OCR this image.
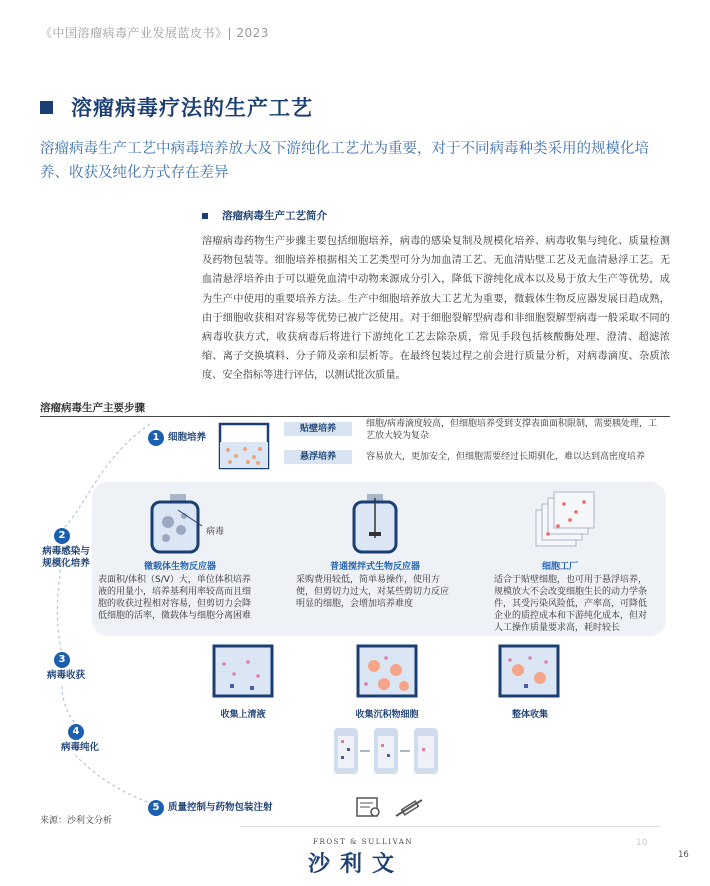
《中国溶瘤病毒产业发展蓝皮书》| 2023
溶瘤病毒疗法的生产工艺
溶瘤病毒生产工艺中病毒培养放大及下游纯化工艺尤为重要，对于不同病毒种类采用的规模化培养、收获及纯化方式存在差异
溶瘤病毒生产工艺简介
溶瘤病毒药物生产步骤主要包括细胞培养，病毒的感染复制及规模化培养、病毒收集与纯化、质量检测及药物包装等。细胞培养根据相关工艺类型可分为加血清工艺、无血清贴壁工艺及无血清悬浮工艺。无血清悬浮培养由于可以避免血清中动物来源成分引入，降低下游纯化成本以及易于放大生产等优势，成为生产中使用的重要培养方法。生产中细胞培养放大工艺尤为重要，微载体生物反应器发展日趋成熟，由于细胞收获相对容易等优势已被广泛使用。对于细胞裂解型病毒和非细胞裂解型病毒一般采取不同的病毒收获方式，收获病毒后将进行下游纯化工艺去除杂质，常见手段包括核酸酶处理、澄清、超滤浓缩、离子交换填料、分子筛及亲和层析等。在最终包装过程之前会进行质量分析，对病毒滴度、杂质浓度、安全指标等进行评估，以测试批次质量。
溶瘤病毒生产主要步骤
1 细胞培养
贴壁培养	细胞/病毒滴度较高，但细胞培养受到支撑表面面积限制，需要胰处理，工艺放大较为复杂
悬浮培养	容易放大，更加安全，但细胞需要经过长期驯化，难以达到高密度培养
2
病毒感染与规模化培养
病毒
微载体生物反应器
表面积/体积（S/V）大，单位体积培养液的用量小，培养基利用率较高而且细胞的收获过程相对容易，但剪切力会降低细胞的活率，微载体与细胞分离困难
普通搅拌式生物反应器
采购费用较低，简单易操作，使用方便，但剪切力过大，对某些剪切力反应明显的细胞，会增加培养难度
细胞工厂
适合于贴壁细胞，也可用于悬浮培养，规模放大不会改变细胞生长的动力学条件，其受污染风险低，产率高，可降低企业的质控成本和下游纯化成本，但对人工操作质量要求高，耗时较长
3
病毒收获
收集上清液	收集沉积物细胞	整体收集
4
病毒纯化
5 质量控制与药物包装注射
来源：沙利文分析
FROST & SULLIVAN
沙利文
10
16
